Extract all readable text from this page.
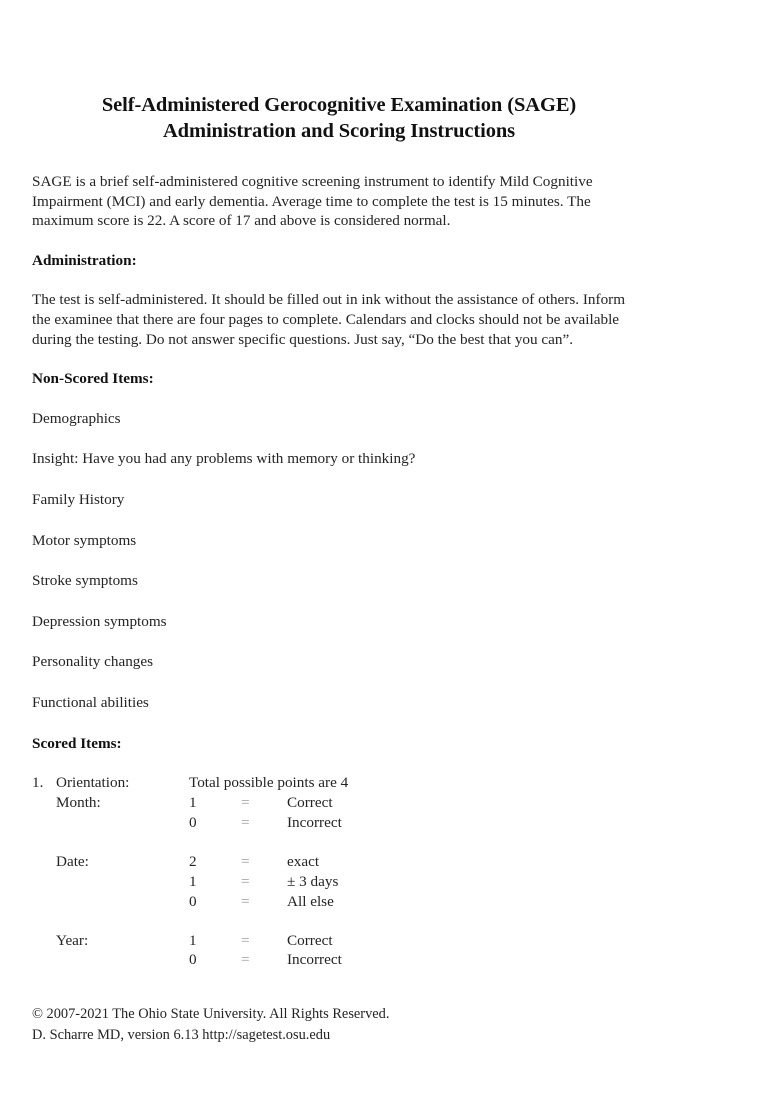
Self-Administered Gerocognitive Examination (SAGE)
Administration and Scoring Instructions

SAGE is a brief self-administered cognitive screening instrument to identify Mild Cognitive Impairment (MCI) and early dementia. Average time to complete the test is 15 minutes. The maximum score is 22. A score of 17 and above is considered normal.

Administration:

The test is self-administered. It should be filled out in ink without the assistance of others. Inform the examinee that there are four pages to complete. Calendars and clocks should not be available during the testing. Do not answer specific questions. Just say, “Do the best that you can”.

Non-Scored Items:
Demographics
Insight: Have you had any problems with memory or thinking?
Family History
Motor symptoms
Stroke symptoms
Depression symptoms
Personality changes
Functional abilities
Scored Items:
1. Orientation:	Total possible points are 4
Month:	1	=	Correct
0	=	Incorrect
Date:	2	=	exact
1	=	± 3 days
0	=	All else
Year:	1	=	Correct
0	=	Incorrect
© 2007-2021 The Ohio State University. All Rights Reserved.
D. Scharre MD, version 6.13 http://sagetest.osu.edu
